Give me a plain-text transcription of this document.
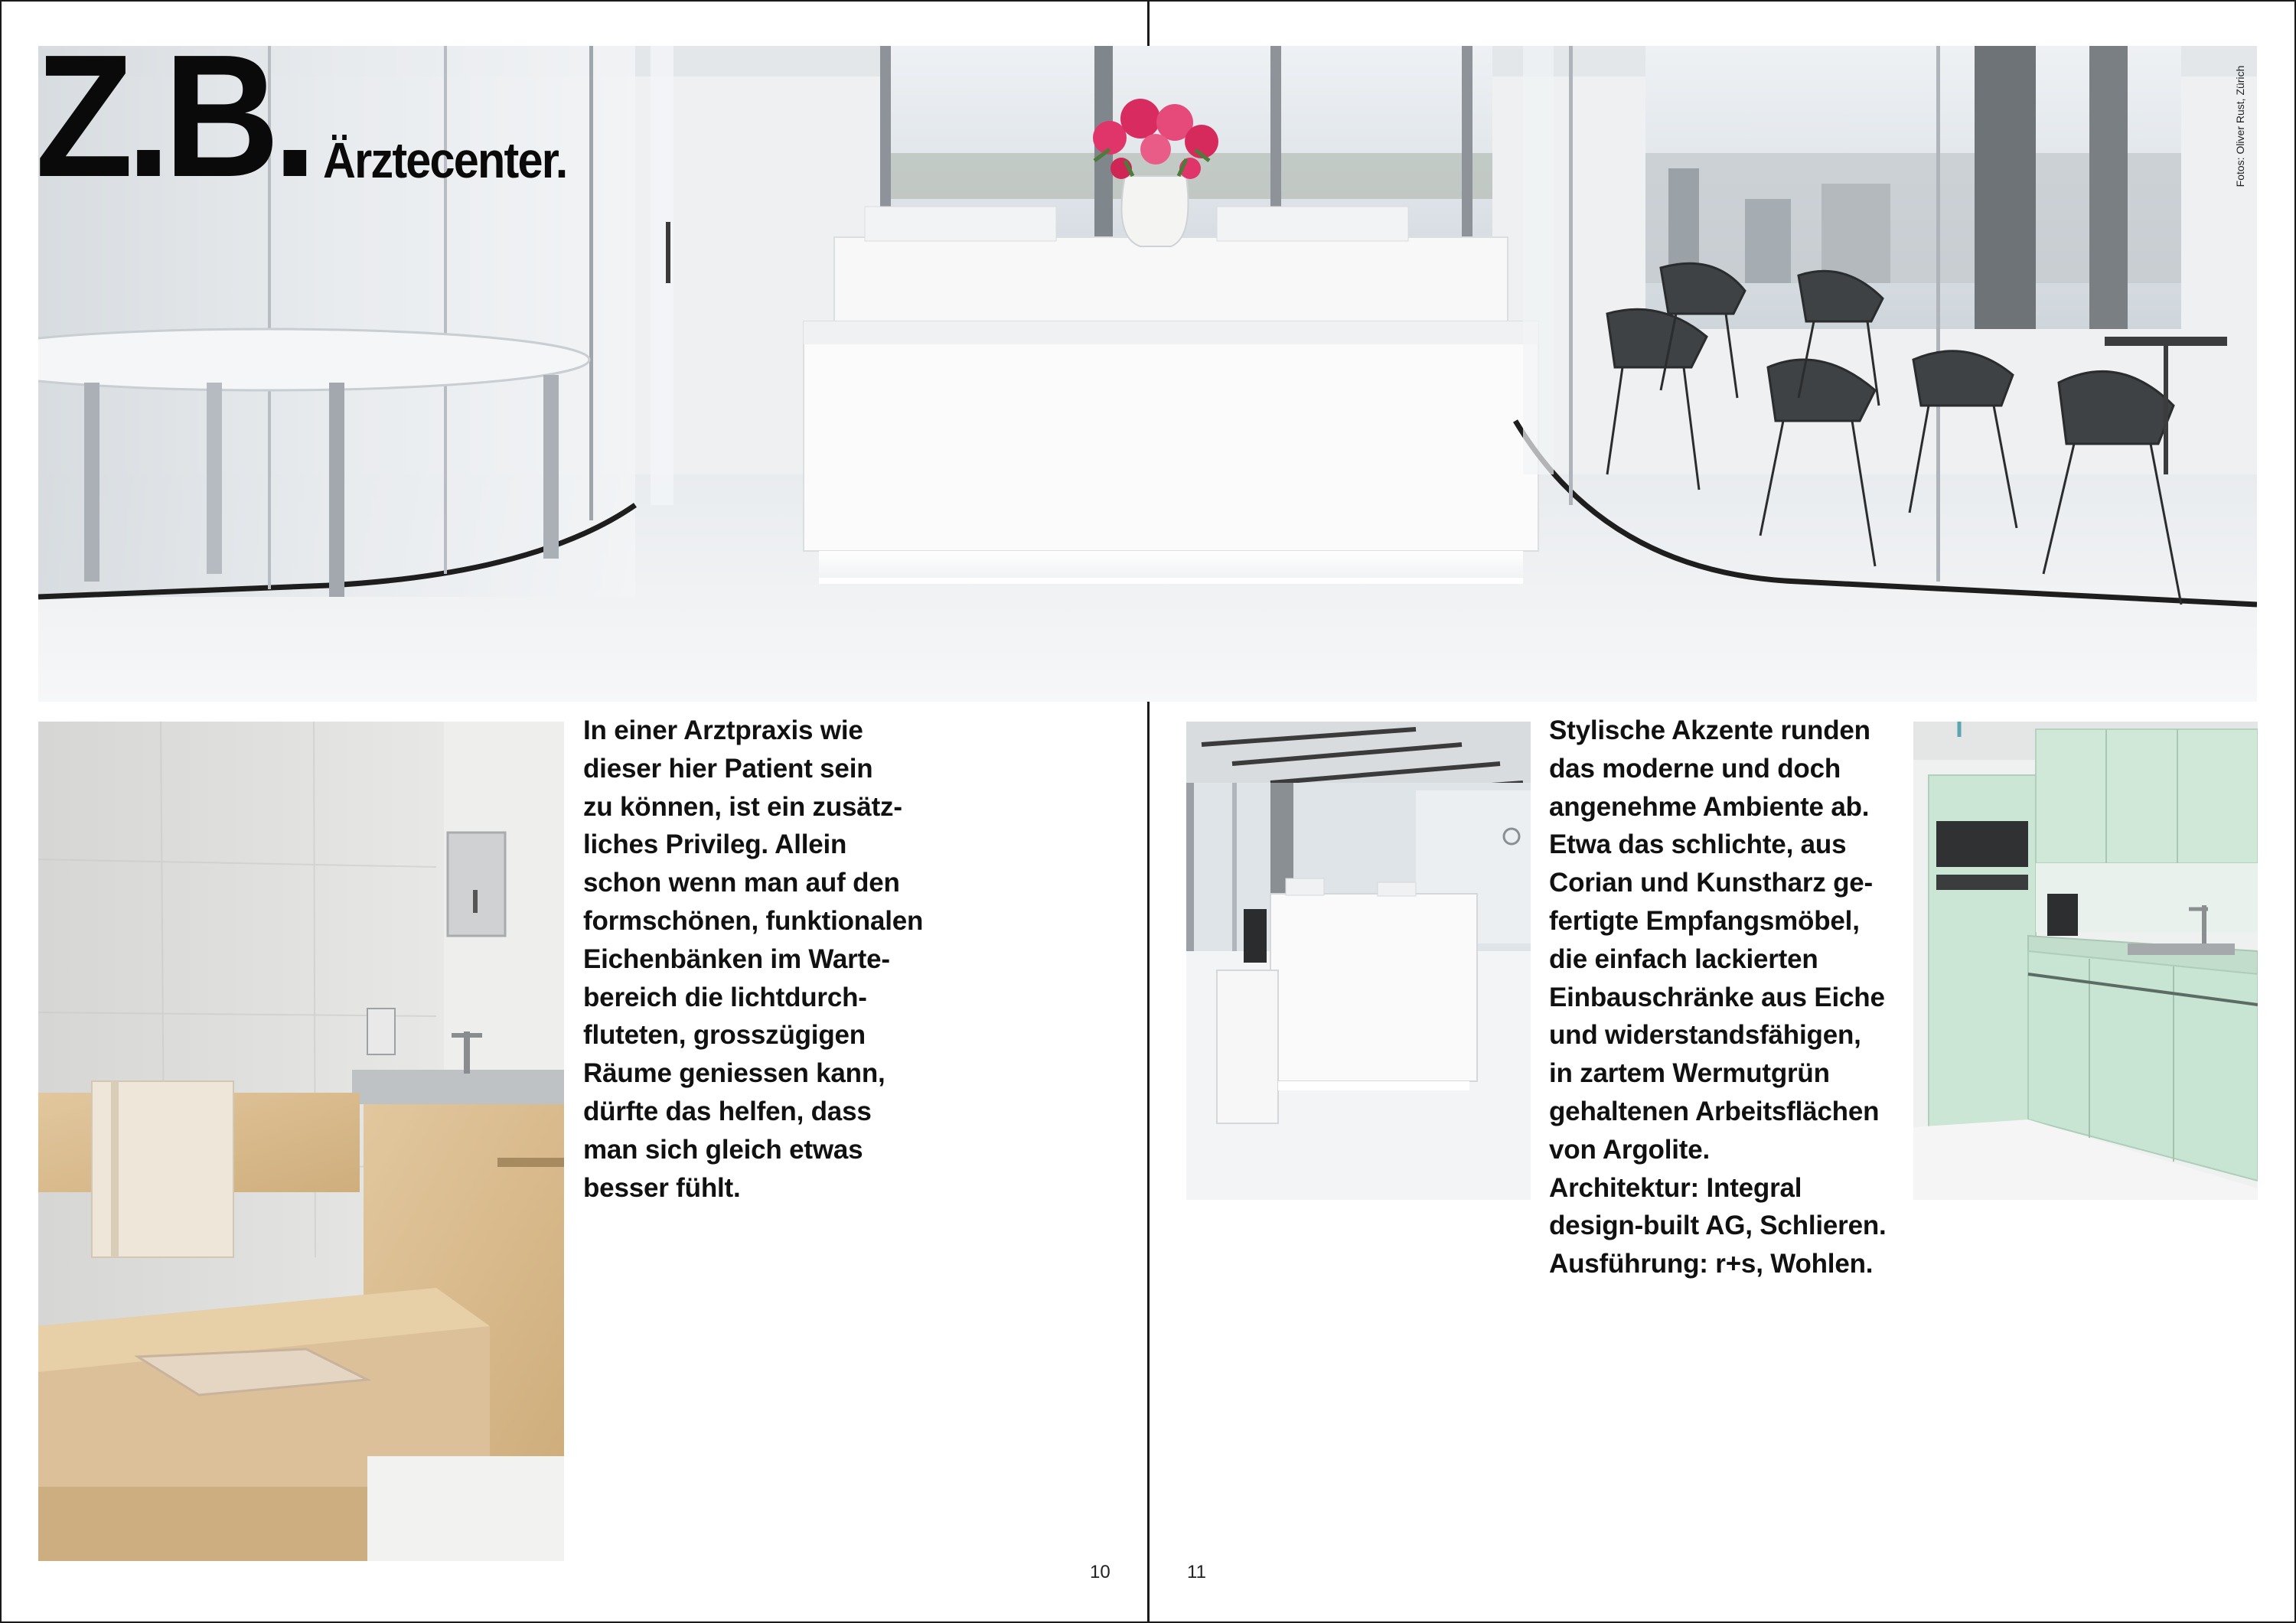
Z.B. Ärztecenter.	Fotos: Oliver Rust, Zürich
In einer Arztpraxis wie
dieser hier Patient sein
zu können, ist ein zusätz-
liches Privileg. Allein
schon wenn man auf den
formschönen, funktionalen
Eichenbänken im Warte-
bereich die lichtdurch-
fluteten, grosszügigen
Räume geniessen kann,
dürfte das helfen, dass
man sich gleich etwas
besser fühlt.
Stylische Akzente runden
das moderne und doch
angenehme Ambiente ab.
Etwa das schlichte, aus
Corian und Kunstharz ge-
fertigte Empfangsmöbel,
die einfach lackierten
Einbauschränke aus Eiche
und widerstandsfähigen,
in zartem Wermutgrün
gehaltenen Arbeitsflächen
von Argolite.
Architektur: Integral
design-built AG, Schlieren.
Ausführung: r+s, Wohlen.
10	11
